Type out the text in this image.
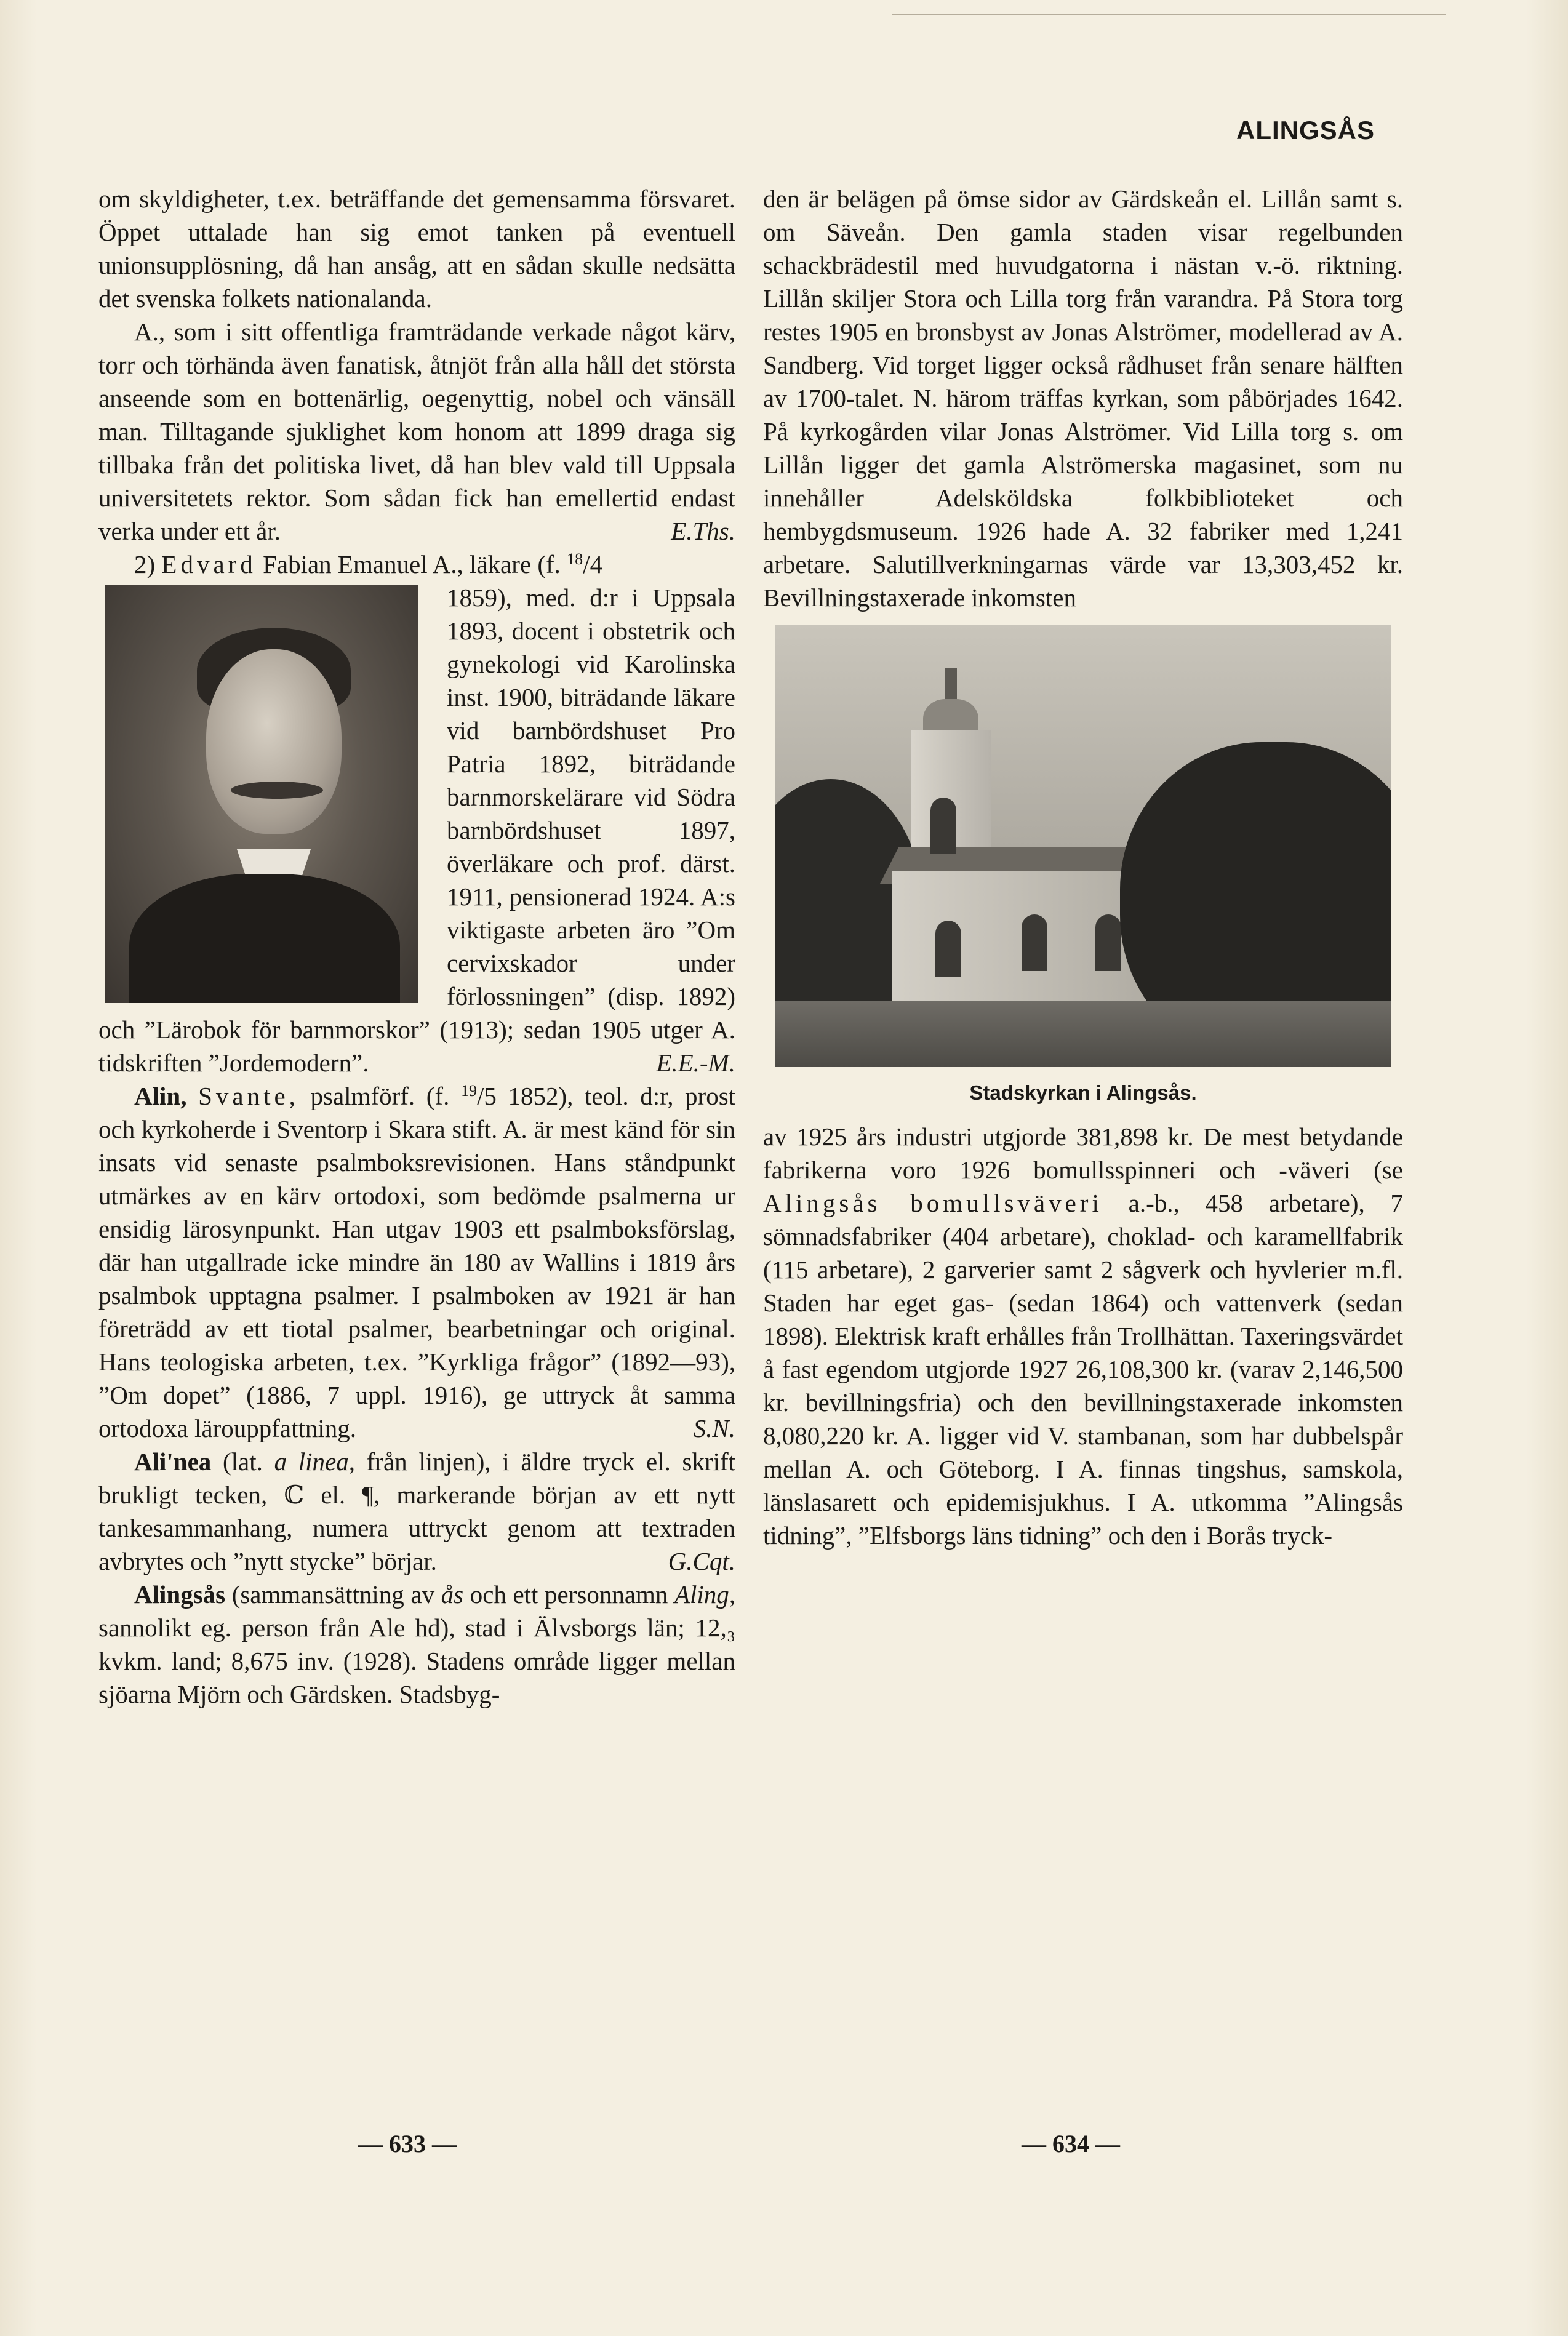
ALINGSÅS

om skyldigheter, t.ex. beträffande det gemensamma försvaret. Öppet uttalade han sig emot tanken på eventuell unionsupplösning, då han ansåg, att en sådan skulle nedsätta det svenska folkets nationalanda.

A., som i sitt offentliga framträdande verkade något kärv, torr och törhända även fanatisk, åtnjöt från alla håll det största anseende som en bottenärlig, oegenyttig, nobel och vänsäll man. Tilltagande sjuklighet kom honom att 1899 draga sig tillbaka från det politiska livet, då han blev vald till Uppsala universitetets rektor. Som sådan fick han emellertid endast verka under ett år.	E.Ths.

2) Edvard Fabian Emanuel A., läkare (f. $^{18}$/4

1859), med. d:r i Uppsala 1893, docent i obstetrik och gynekologi vid Karolinska inst. 1900, biträdande läkare vid barnbördshuset Pro Patria 1892, biträdande barnmorskelärare vid Södra barnbördshuset 1897, överläkare och prof. därst. 1911, pensionerad 1924. A:s viktigaste arbeten äro ”Om cervixskador under förlossningen” (disp. 1892) och ”Lärobok för barnmorskor” (1913); sedan 1905 utger A. tidskriften ”Jordemodern”.	E.E.-M.

Alin, Svante, psalmförf. (f. $^{19}$/5 1852), teol. d:r, prost och kyrkoherde i Sventorp i Skara stift. A. är mest känd för sin insats vid senaste psalmboksrevisionen. Hans ståndpunkt utmärkes av en kärv ortodoxi, som bedömde psalmerna ur ensidig lärosynpunkt. Han utgav 1903 ett psalmboksförslag, där han utgallrade icke mindre än 180 av Wallins i 1819 års psalmbok upptagna psalmer. I psalmboken av 1921 är han företrädd av ett tiotal psalmer, bearbetningar och original. Hans teologiska arbeten, t.ex. ”Kyrkliga frågor” (1892—93), ”Om dopet” (1886, 7 uppl. 1916), ge uttryck åt samma ortodoxa lärouppfattning.	S.N.

Ali'nea (lat. a linea, från linjen), i äldre tryck el. skrift brukligt tecken, ℂ el. ¶, markerande början av ett nytt tankesammanhang, numera uttryckt genom att textraden avbrytes och ”nytt stycke” börjar.	G.Cqt.

Alingsås (sammansättning av ås och ett personnamn Aling, sannolikt eg. person från Ale hd), stad i Älvsborgs län; 12,₃ kvkm. land; 8,675 inv. (1928). Stadens område ligger mellan sjöarna Mjörn och Gärdsken. Stadsbyg-

den är belägen på ömse sidor av Gärdskeån el. Lillån samt s. om Säveån. Den gamla staden visar regelbunden schackbrädestil med huvudgatorna i nästan v.-ö. riktning. Lillån skiljer Stora och Lilla torg från varandra. På Stora torg restes 1905 en bronsbyst av Jonas Alströmer, modellerad av A. Sandberg. Vid torget ligger också rådhuset från senare hälften av 1700-talet. N. härom träffas kyrkan, som påbörjades 1642. På kyrkogården vilar Jonas Alströmer. Vid Lilla torg s. om Lillån ligger det gamla Alströmerska magasinet, som nu innehåller Adelsköldska folkbiblioteket och hembygdsmuseum. 1926 hade A. 32 fabriker med 1,241 arbetare. Salutillverkningarnas värde var 13,303,452 kr. Bevillningstaxerade inkomsten

Stadskyrkan i Alingsås.

av 1925 års industri utgjorde 381,898 kr. De mest betydande fabrikerna voro 1926 bomullsspinneri och -väveri (se Alingsås bomullsväveri a.-b., 458 arbetare), 7 sömnadsfabriker (404 arbetare), choklad- och karamellfabrik (115 arbetare), 2 garverier samt 2 sågverk och hyvlerier m.fl. Staden har eget gas- (sedan 1864) och vattenverk (sedan 1898). Elektrisk kraft erhålles från Trollhättan. Taxeringsvärdet å fast egendom utgjorde 1927 26,108,300 kr. (varav 2,146,500 kr. bevillningsfria) och den bevillningstaxerade inkomsten 8,080,220 kr. A. ligger vid V. stambanan, som har dubbelspår mellan A. och Göteborg. I A. finnas tingshus, samskola, länslasarett och epidemisjukhus. I A. utkomma ”Alingsås tidning”, ”Elfsborgs läns tidning” och den i Borås tryck-

— 633 —	— 634 —
